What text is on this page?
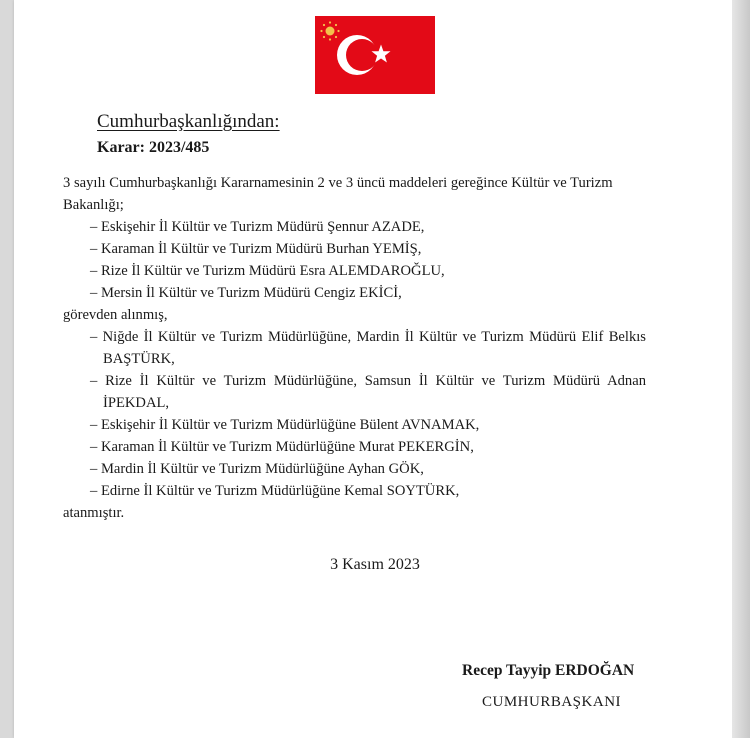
Cumhurbaşkanlığından:
Karar: 2023/485

3 sayılı Cumhurbaşkanlığı Kararnamesinin 2 ve 3 üncü maddeleri gereğince Kültür ve Turizm Bakanlığı;

– Eskişehir İl Kültür ve Turizm Müdürü Şennur AZADE,

– Karaman İl Kültür ve Turizm Müdürü Burhan YEMİŞ,

– Rize İl Kültür ve Turizm Müdürü Esra ALEMDAROĞLU,

– Mersin İl Kültür ve Turizm Müdürü Cengiz EKİCİ,

görevden alınmış,

– Niğde İl Kültür ve Turizm Müdürlüğüne, Mardin İl Kültür ve Turizm Müdürü Elif Belkıs BAŞTÜRK,

– Rize İl Kültür ve Turizm Müdürlüğüne, Samsun İl Kültür ve Turizm Müdürü Adnan İPEKDAL,

– Eskişehir İl Kültür ve Turizm Müdürlüğüne Bülent AVNAMAK,

– Karaman İl Kültür ve Turizm Müdürlüğüne Murat PEKERGİN,

– Mardin İl Kültür ve Turizm Müdürlüğüne Ayhan GÖK,

– Edirne İl Kültür ve Turizm Müdürlüğüne Kemal SOYTÜRK,

atanmıştır.

3 Kasım 2023
Recep Tayyip ERDOĞAN
CUMHURBAŞKANI
